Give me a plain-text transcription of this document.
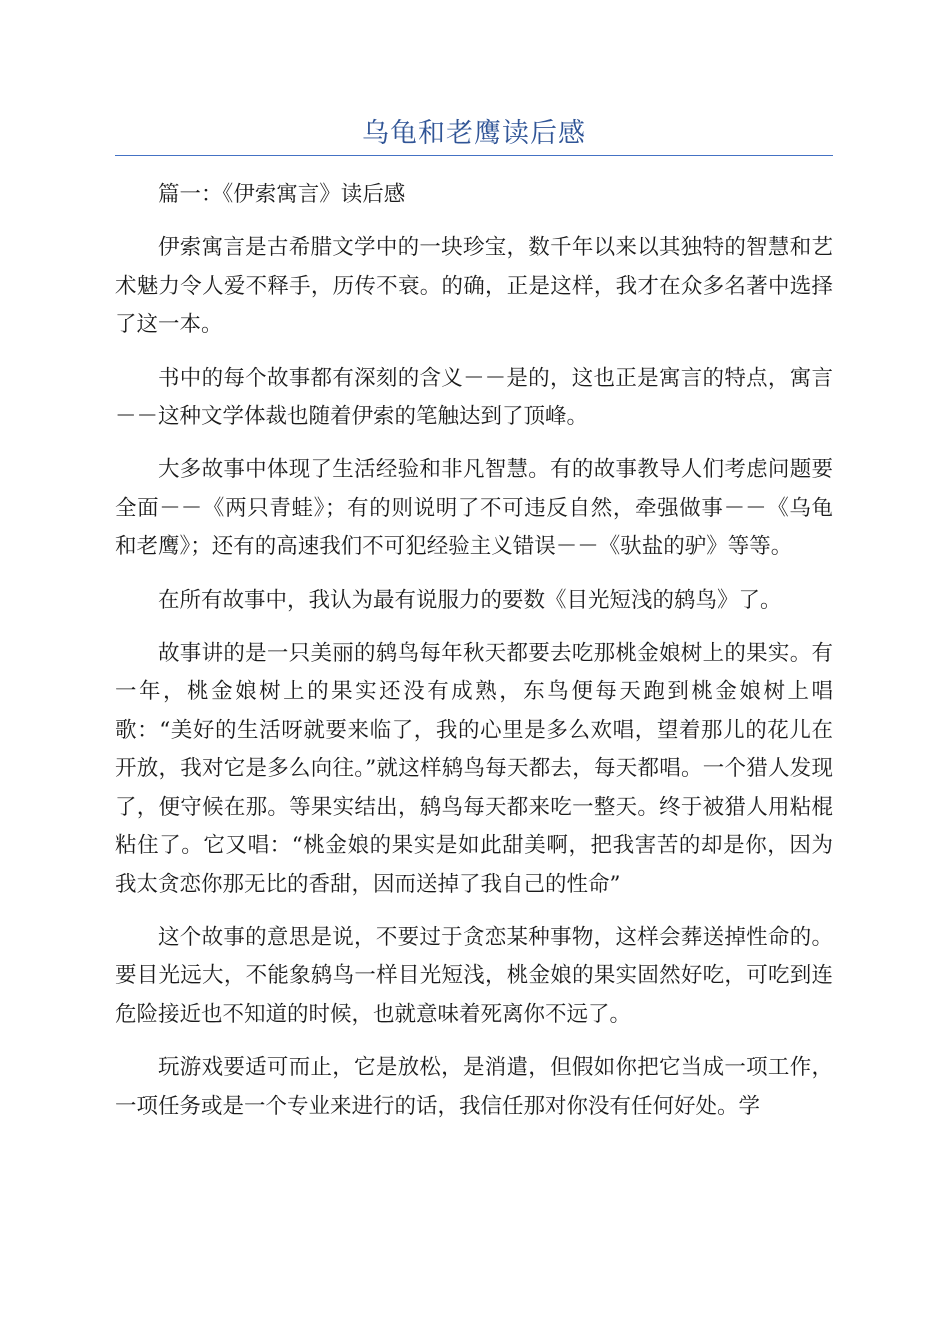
乌龟和老鹰读后感

篇一：《伊索寓言》读后感

伊索寓言是古希腊文学中的一块珍宝，数千年以来以其独特的智慧和艺术魅力令人爱不释手，历传不衰。的确，正是这样，我才在众多名著中选择了这一本。

书中的每个故事都有深刻的含义－－是的，这也正是寓言的特点，寓言－－这种文学体裁也随着伊索的笔触达到了顶峰。

大多故事中体现了生活经验和非凡智慧。有的故事教导人们考虑问题要全面－－《两只青蛙》；有的则说明了不可违反自然，牵强做事－－《乌龟和老鹰》；还有的高速我们不可犯经验主义错误－－《驮盐的驴》等等。

在所有故事中，我认为最有说服力的要数《目光短浅的鸫鸟》了。

故事讲的是一只美丽的鸫鸟每年秋天都要去吃那桃金娘树上的果实。有一年，桃金娘树上的果实还没有成熟，东鸟便每天跑到桃金娘树上唱歌：“美好的生活呀就要来临了，我的心里是多么欢唱，望着那儿的花儿在开放，我对它是多么向往。”就这样鸫鸟每天都去，每天都唱。一个猎人发现了，便守候在那。等果实结出，鸫鸟每天都来吃一整天。终于被猎人用粘棍粘住了。它又唱：“桃金娘的果实是如此甜美啊，把我害苦的却是你，因为我太贪恋你那无比的香甜，因而送掉了我自己的性命”

这个故事的意思是说，不要过于贪恋某种事物，这样会葬送掉性命的。要目光远大，不能象鸫鸟一样目光短浅，桃金娘的果实固然好吃，可吃到连危险接近也不知道的时候，也就意味着死离你不远了。

玩游戏要适可而止，它是放松，是消遣，但假如你把它当成一项工作，一项任务或是一个专业来进行的话，我信任那对你没有任何好处。学
